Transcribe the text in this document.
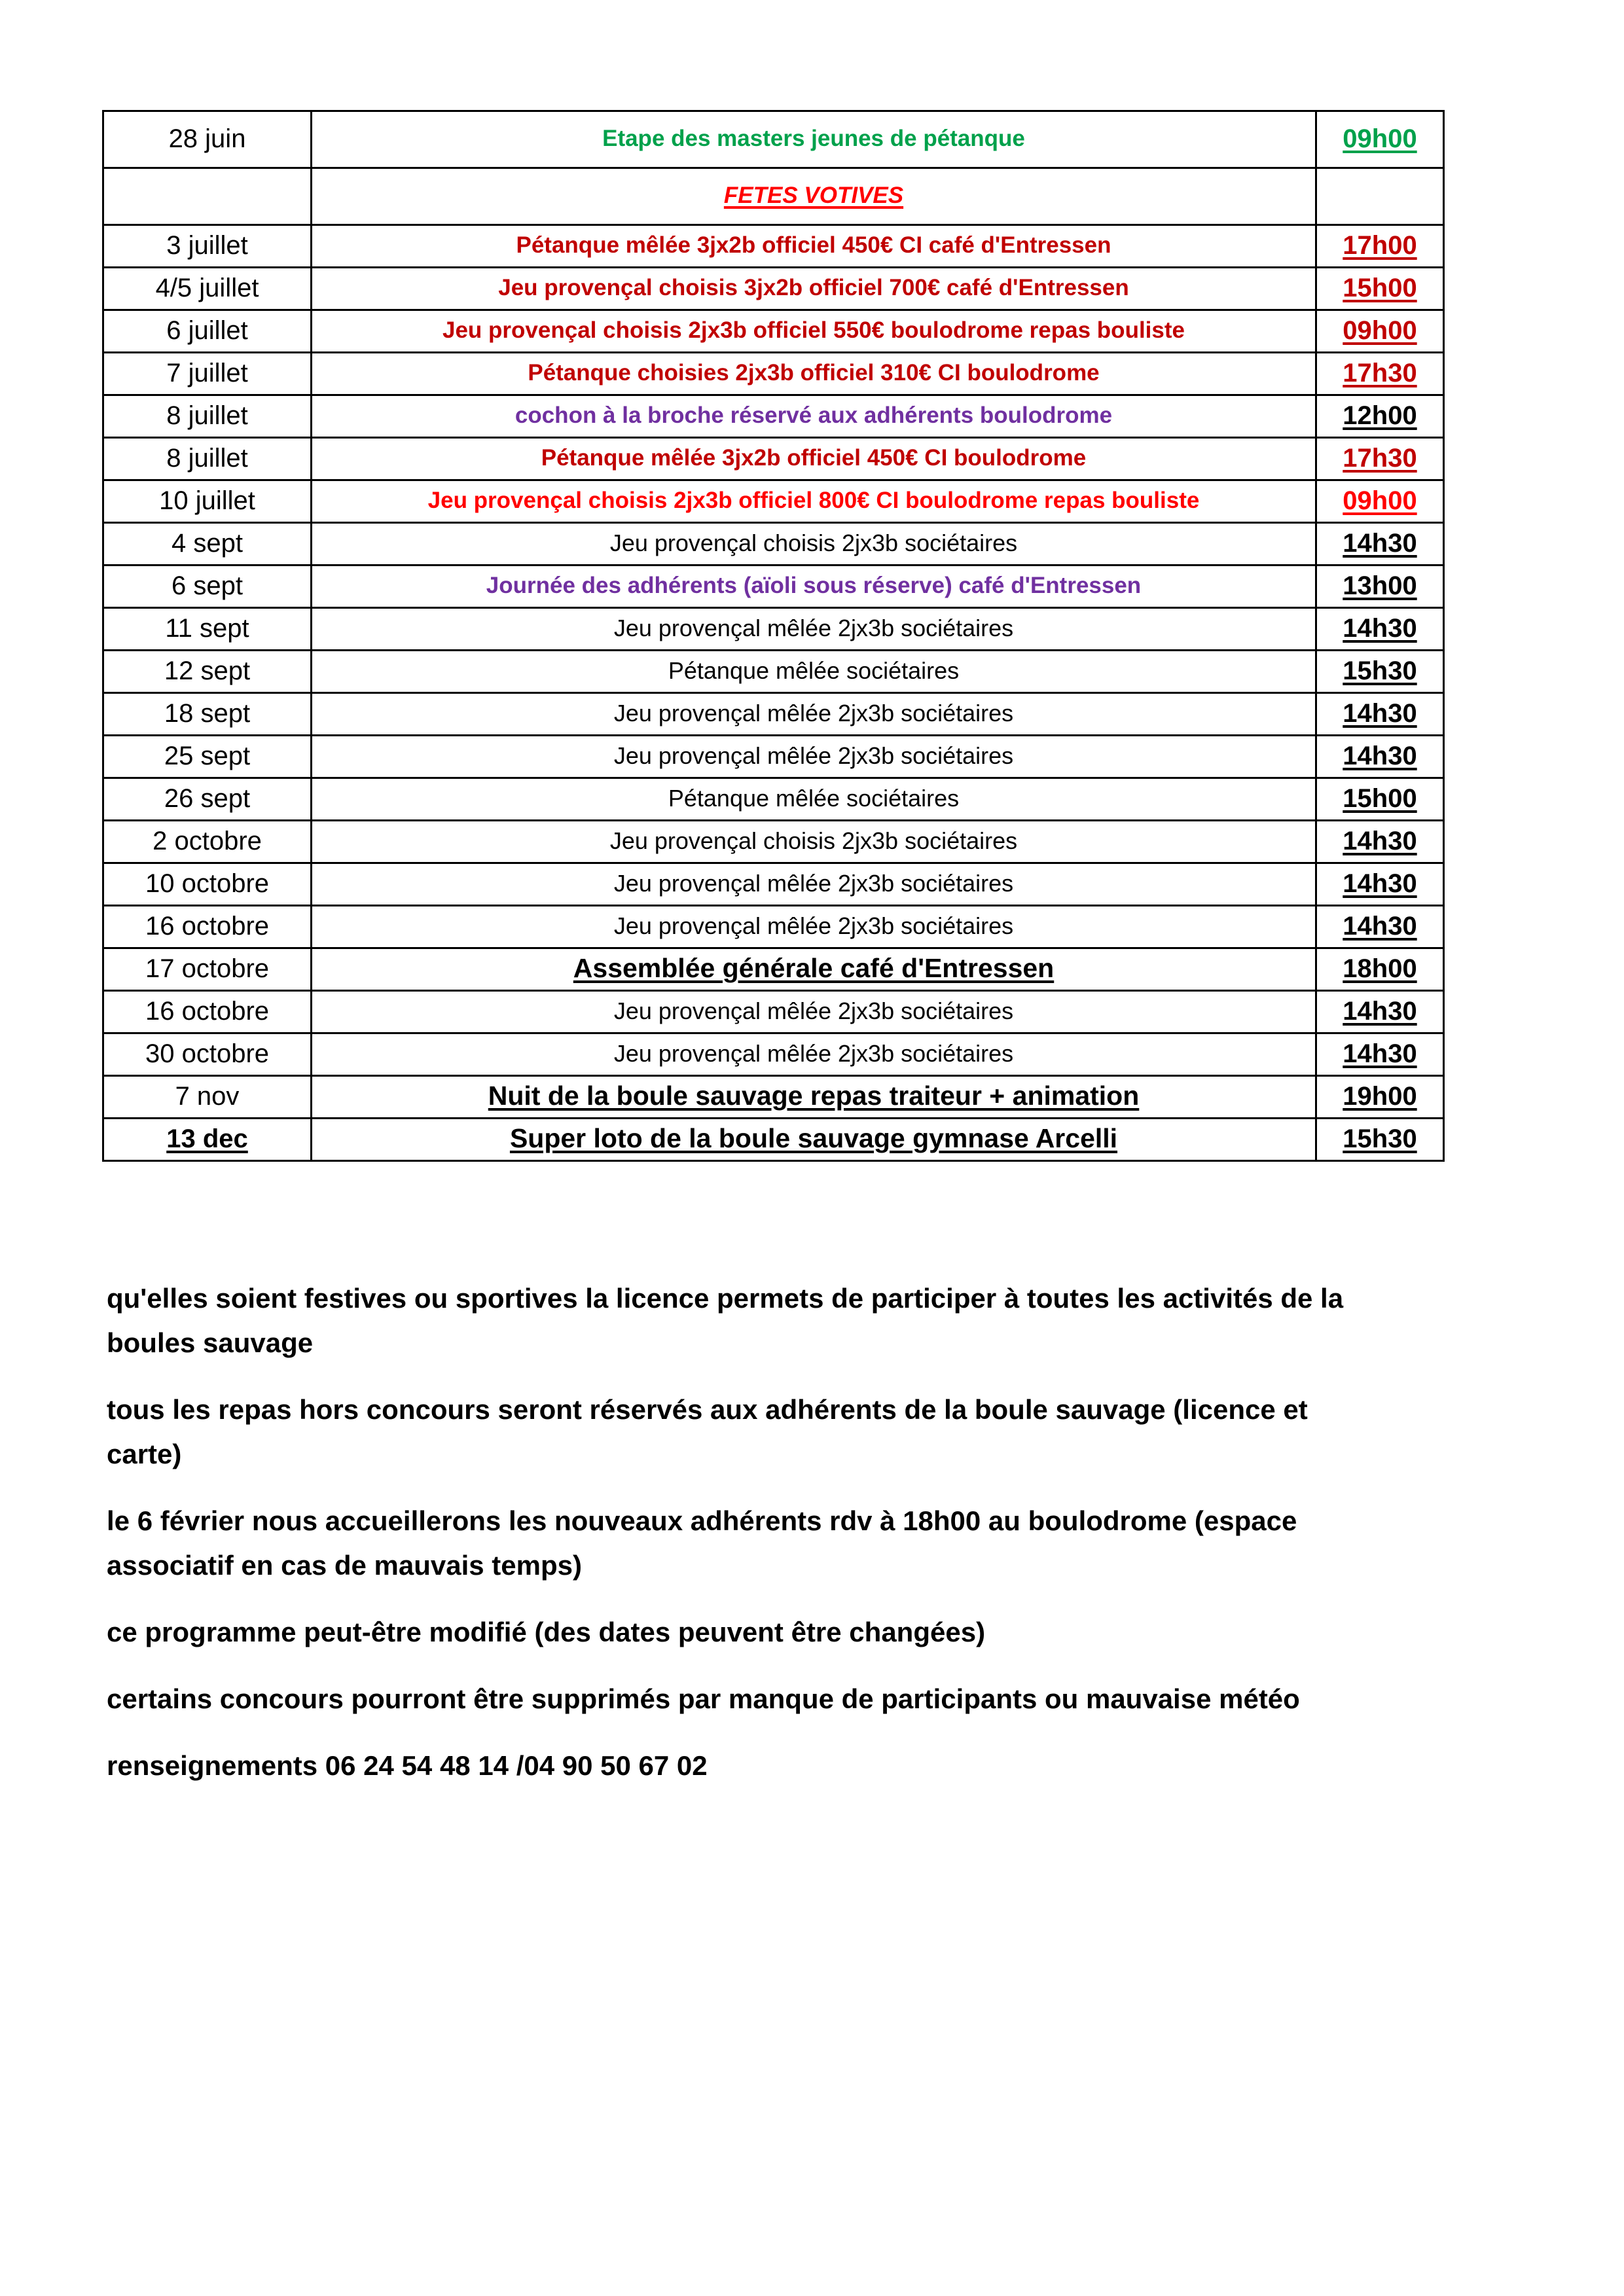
28 juin	Etape des masters jeunes de pétanque	09h00

	FETES VOTIVES	

3 juillet	Pétanque mêlée 3jx2b officiel 450€ CI café d'Entressen	17h00

4/5 juillet	Jeu provençal choisis 3jx2b officiel 700€ café d'Entressen	15h00

6 juillet	Jeu provençal choisis 2jx3b officiel 550€ boulodrome repas bouliste	09h00

7 juillet	Pétanque choisies 2jx3b officiel 310€ CI boulodrome	17h30

8 juillet	cochon à la broche réservé aux adhérents boulodrome	12h00

8 juillet	Pétanque mêlée 3jx2b officiel 450€ CI boulodrome	17h30

10 juillet	Jeu provençal choisis 2jx3b officiel 800€ CI boulodrome repas bouliste	09h00

4 sept	Jeu provençal choisis 2jx3b sociétaires	14h30

6 sept	Journée des adhérents (aïoli sous réserve) café d'Entressen	13h00

11 sept	Jeu provençal mêlée 2jx3b sociétaires	14h30

12 sept	Pétanque mêlée sociétaires	15h30

18 sept	Jeu provençal mêlée 2jx3b sociétaires	14h30

25 sept	Jeu provençal mêlée 2jx3b sociétaires	14h30

26 sept	Pétanque mêlée sociétaires	15h00

2 octobre	Jeu provençal choisis 2jx3b sociétaires	14h30

10 octobre	Jeu provençal mêlée 2jx3b sociétaires	14h30

16 octobre	Jeu provençal mêlée 2jx3b sociétaires	14h30

17 octobre	Assemblée générale café d'Entressen	18h00

16 octobre	Jeu provençal mêlée 2jx3b sociétaires	14h30

30 octobre	Jeu provençal mêlée 2jx3b sociétaires	14h30

7 nov	Nuit de la boule sauvage repas traiteur + animation	19h00

13 dec	Super loto de la boule sauvage gymnase Arcelli	15h30

qu'elles soient festives ou sportives la licence permets de participer à toutes les activités de la boules sauvage

tous les repas hors concours seront réservés aux adhérents de la boule sauvage (licence et carte)

le 6 février nous accueillerons les nouveaux adhérents rdv à 18h00 au boulodrome (espace associatif en cas de mauvais temps)

ce programme peut-être modifié (des dates peuvent être changées)

certains concours pourront être supprimés par manque de participants ou mauvaise météo

renseignements 06 24 54 48 14 /04 90 50 67 02
